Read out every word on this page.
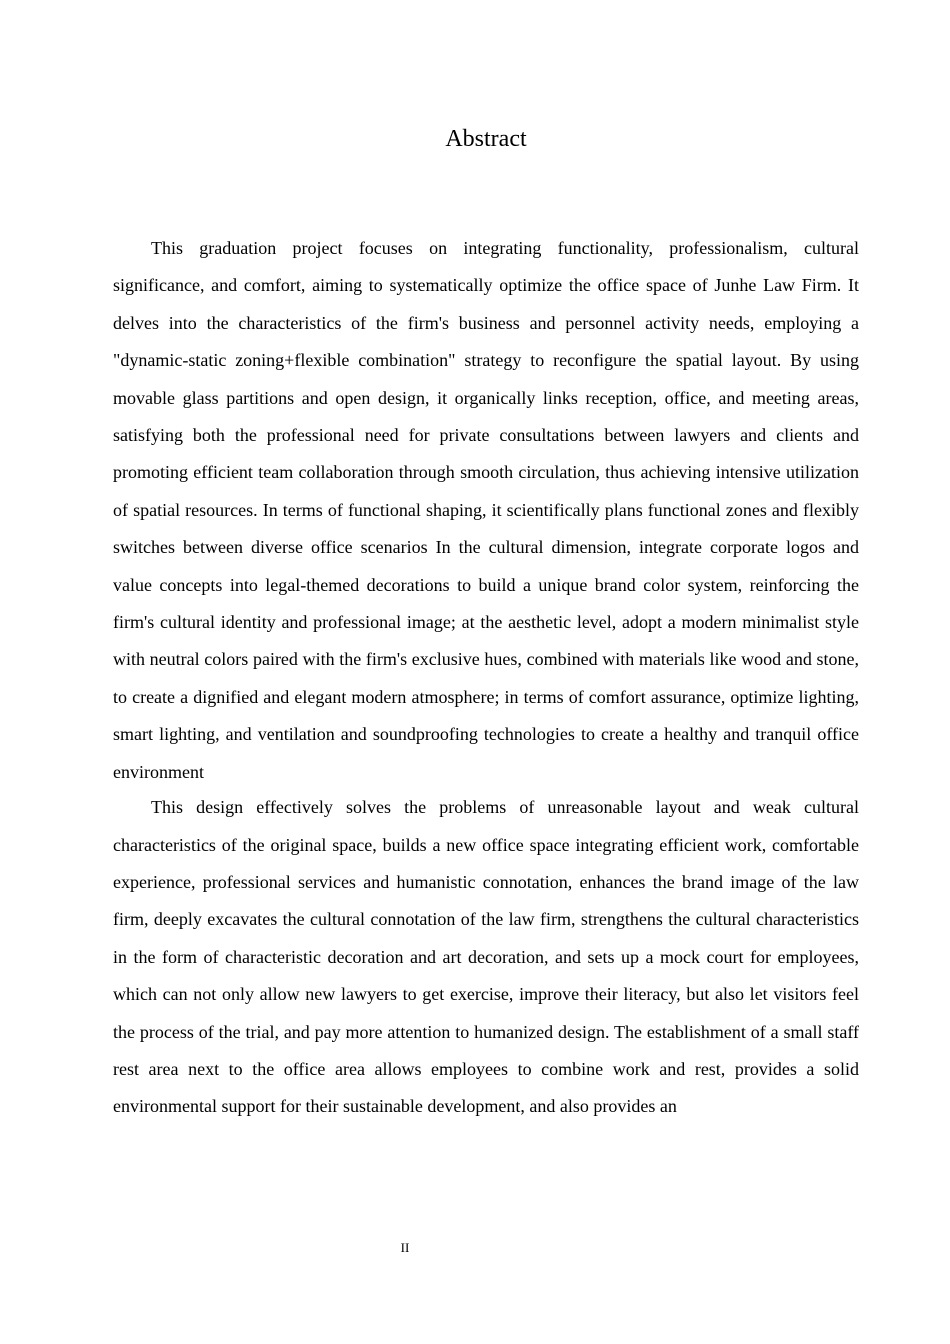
Abstract

This graduation project focuses on integrating functionality, professionalism, cultural significance, and comfort, aiming to systematically optimize the office space of Junhe Law Firm. It delves into the characteristics of the firm's business and personnel activity needs, employing a "dynamic-static zoning+flexible combination" strategy to reconfigure the spatial layout. By using movable glass partitions and open design, it organically links reception, office, and meeting areas, satisfying both the professional need for private consultations between lawyers and clients and promoting efficient team collaboration through smooth circulation, thus achieving intensive utilization of spatial resources. In terms of functional shaping, it scientifically plans functional zones and flexibly switches between diverse office scenarios In the cultural dimension, integrate corporate logos and value concepts into legal-themed decorations to build a unique brand color system, reinforcing the firm's cultural identity and professional image; at the aesthetic level, adopt a modern minimalist style with neutral colors paired with the firm's exclusive hues, combined with materials like wood and stone, to create a dignified and elegant modern atmosphere; in terms of comfort assurance, optimize lighting, smart lighting, and ventilation and soundproofing technologies to create a healthy and tranquil office environment

This design effectively solves the problems of unreasonable layout and weak cultural characteristics of the original space, builds a new office space integrating efficient work, comfortable experience, professional services and humanistic connotation, enhances the brand image of the law firm, deeply excavates the cultural connotation of the law firm, strengthens the cultural characteristics in the form of characteristic decoration and art decoration, and sets up a mock court for employees, which can not only allow new lawyers to get exercise, improve their literacy, but also let visitors feel the process of the trial, and pay more attention to humanized design. The establishment of a small staff rest area next to the office area allows employees to combine work and rest, provides a solid environmental support for their sustainable development, and also provides an

II
